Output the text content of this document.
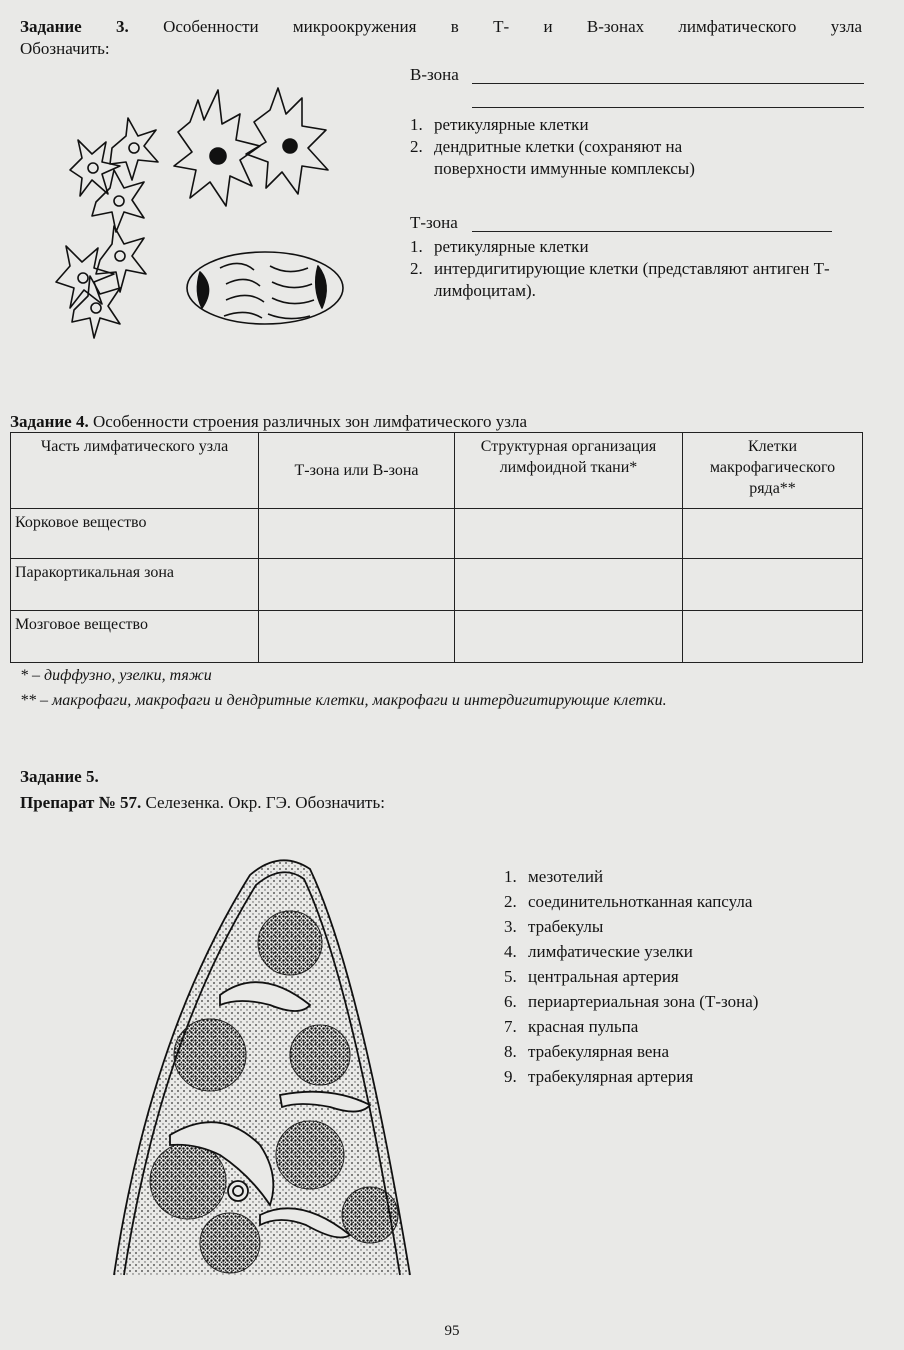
Задание 3. Особенности микроокружения в Т- и В-зонах лимфатического узла
Обозначить:
В-зона
1. ретикулярные клетки
2. дендритные клетки (сохраняют на поверхности иммунные комплексы)
Т-зона
1. ретикулярные клетки
2. интердигитирующие клетки (представляют антиген Т-лимфоцитам).
Задание 4. Особенности строения различных зон лимфатического узла
Часть лимфатического узла	Т-зона или В-зона	Структурная организация лимфоидной ткани*	Клетки макрофагического ряда**
Корковое вещество			
Паракортикальная зона			
Мозговое вещество			
* – диффузно, узелки, тяжи
** – макрофаги, макрофаги и дендритные клетки, макрофаги и интердигитирующие клетки.
Задание 5.
Препарат № 57. Селезенка. Окр. ГЭ. Обозначить:
1. мезотелий
2. соединительнотканная капсула
3. трабекулы
4. лимфатические узелки
5. центральная артерия
6. периартериальная зона (Т-зона)
7. красная пульпа
8. трабекулярная вена
9. трабекулярная артерия
95
